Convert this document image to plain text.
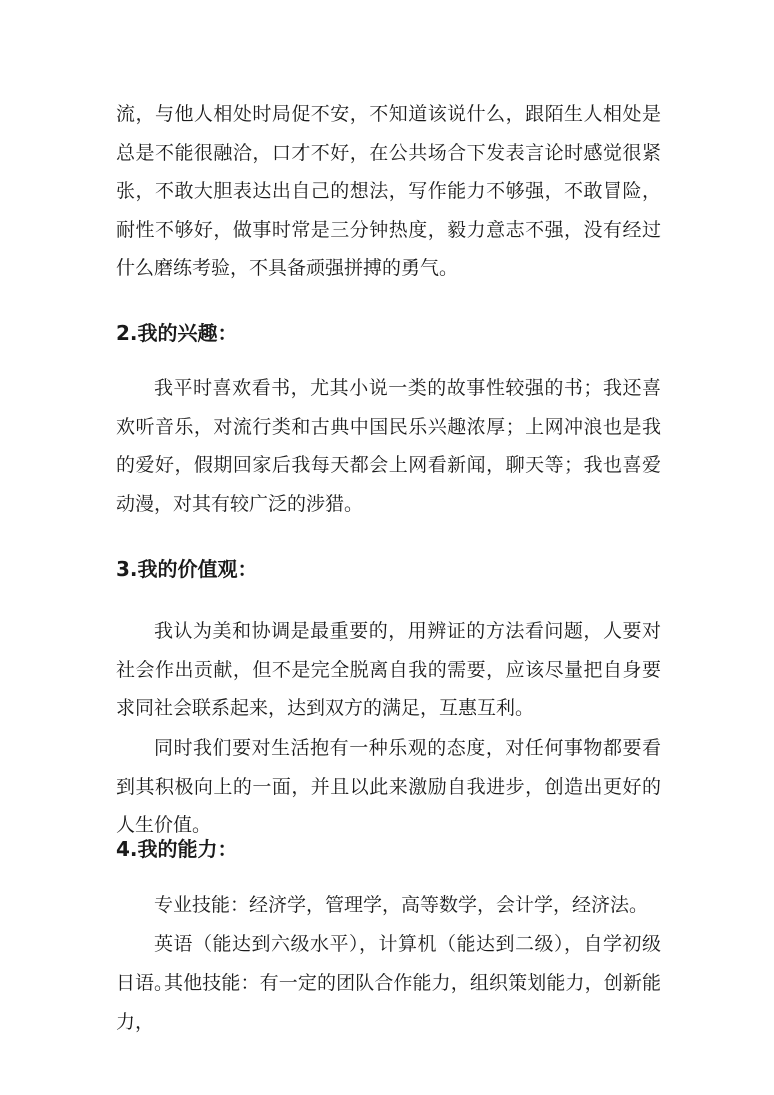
流，与他人相处时局促不安，不知道该说什么，跟陌生人相处是总是不能很融洽，口才不好，在公共场合下发表言论时感觉很紧张，不敢大胆表达出自己的想法，写作能力不够强，不敢冒险，耐性不够好，做事时常是三分钟热度，毅力意志不强，没有经过什么磨练考验，不具备顽强拼搏的勇气。

2.我的兴趣：

我平时喜欢看书，尤其小说一类的故事性较强的书；我还喜欢听音乐，对流行类和古典中国民乐兴趣浓厚；上网冲浪也是我的爱好，假期回家后我每天都会上网看新闻，聊天等；我也喜爱动漫，对其有较广泛的涉猎。

3.我的价值观：

我认为美和协调是最重要的，用辨证的方法看问题，人要对社会作出贡献，但不是完全脱离自我的需要，应该尽量把自身要求同社会联系起来，达到双方的满足，互惠互利。

同时我们要对生活抱有一种乐观的态度，对任何事物都要看到其积极向上的一面，并且以此来激励自我进步，创造出更好的人生价值。

4.我的能力：

专业技能：经济学，管理学，高等数学，会计学，经济法。

英语（能达到六级水平），计算机（能达到二级），自学初级日语。

其他技能：有一定的团队合作能力，组织策划能力，创新能力，
